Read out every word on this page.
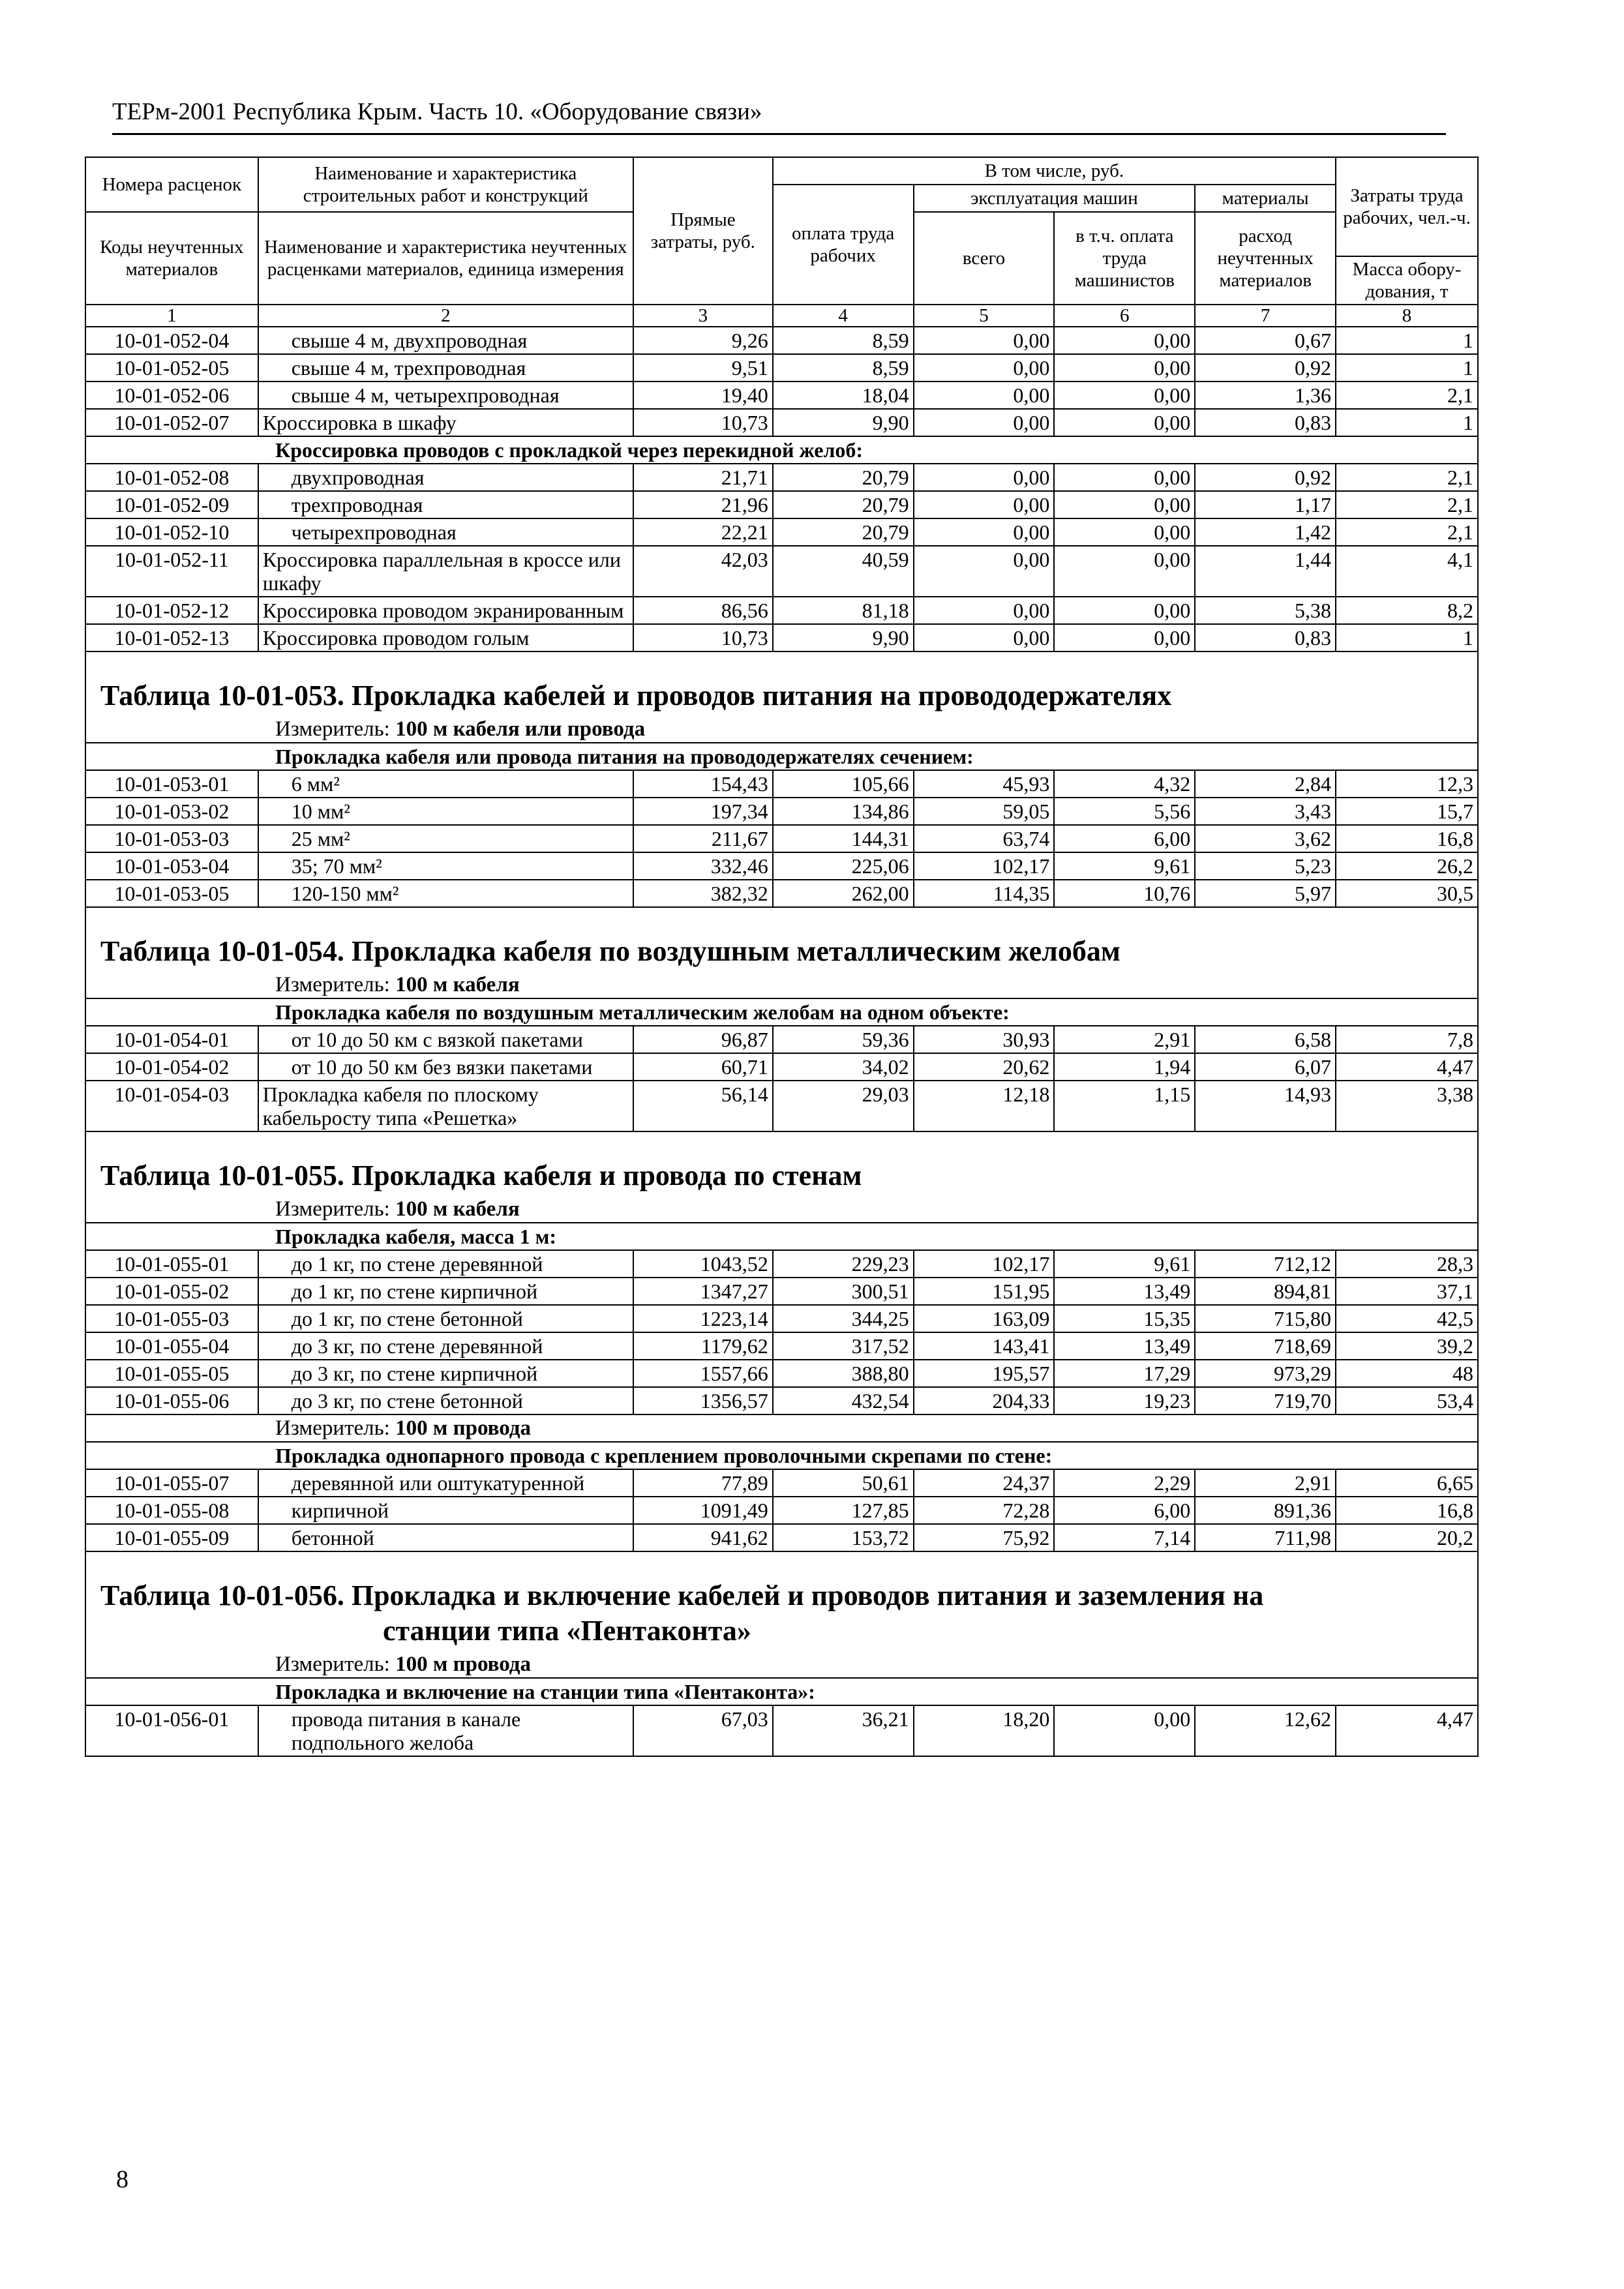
ТЕРм-2001 Республика Крым. Часть 10. «Оборудование связи»
Номера расценок	Наименование и характеристика строительных работ и конструкций	Прямые затраты, руб.	В том числе, руб.				Затраты труда рабочих, чел.-ч.
			оплата труда рабочих	эксплуатация машин		материалы	
Коды неучтенных материалов	Наименование и характеристика неучтенных расценками материалов, единица измерения			всего	в т.ч. оплата труда машинистов	расход неучтенных материалов	
							Масса обору-дования, т
1	2	3	4	5	6	7	8
10-01-052-04	свыше 4 м, двухпроводная	9,26	8,59	0,00	0,00	0,67	1
10-01-052-05	свыше 4 м, трехпроводная	9,51	8,59	0,00	0,00	0,92	1
10-01-052-06	свыше 4 м, четырехпроводная	19,40	18,04	0,00	0,00	1,36	2,1
10-01-052-07	Кроссировка в шкафу	10,73	9,90	0,00	0,00	0,83	1
Кроссировка проводов с прокладкой через перекидной желоб:							
10-01-052-08	двухпроводная	21,71	20,79	0,00	0,00	0,92	2,1
10-01-052-09	трехпроводная	21,96	20,79	0,00	0,00	1,17	2,1
10-01-052-10	четырехпроводная	22,21	20,79	0,00	0,00	1,42	2,1
10-01-052-11	Кроссировка параллельная в кроссе или шкафу	42,03	40,59	0,00	0,00	1,44	4,1
10-01-052-12	Кроссировка проводом экранированным	86,56	81,18	0,00	0,00	5,38	8,2
10-01-052-13	Кроссировка проводом голым	10,73	9,90	0,00	0,00	0,83	1

Таблица 10-01-053. Прокладка кабелей и проводов питания на провододержателях							
Измеритель: 100 м кабеля или провода							
Прокладка кабеля или провода питания на провододержателях сечением:							
10-01-053-01	6 мм²	154,43	105,66	45,93	4,32	2,84	12,3
10-01-053-02	10 мм²	197,34	134,86	59,05	5,56	3,43	15,7
10-01-053-03	25 мм²	211,67	144,31	63,74	6,00	3,62	16,8
10-01-053-04	35; 70 мм²	332,46	225,06	102,17	9,61	5,23	26,2
10-01-053-05	120-150 мм²	382,32	262,00	114,35	10,76	5,97	30,5

Таблица 10-01-054. Прокладка кабеля по воздушным металлическим желобам							
Измеритель: 100 м кабеля							
Прокладка кабеля по воздушным металлическим желобам на одном объекте:							
10-01-054-01	от 10 до 50 км с вязкой пакетами	96,87	59,36	30,93	2,91	6,58	7,8
10-01-054-02	от 10 до 50 км без вязки пакетами	60,71	34,02	20,62	1,94	6,07	4,47
10-01-054-03	Прокладка кабеля по плоскому кабельросту типа «Решетка»	56,14	29,03	12,18	1,15	14,93	3,38

Таблица 10-01-055. Прокладка кабеля и провода по стенам							
Измеритель: 100 м кабеля							
Прокладка кабеля, масса 1 м:							
10-01-055-01	до 1 кг, по стене деревянной	1043,52	229,23	102,17	9,61	712,12	28,3
10-01-055-02	до 1 кг, по стене кирпичной	1347,27	300,51	151,95	13,49	894,81	37,1
10-01-055-03	до 1 кг, по стене бетонной	1223,14	344,25	163,09	15,35	715,80	42,5
10-01-055-04	до 3 кг, по стене деревянной	1179,62	317,52	143,41	13,49	718,69	39,2
10-01-055-05	до 3 кг, по стене кирпичной	1557,66	388,80	195,57	17,29	973,29	48
10-01-055-06	до 3 кг, по стене бетонной	1356,57	432,54	204,33	19,23	719,70	53,4
Измеритель: 100 м провода							
Прокладка однопарного провода с креплением проволочными скрепами по стене:							
10-01-055-07	деревянной или оштукатуренной	77,89	50,61	24,37	2,29	2,91	6,65
10-01-055-08	кирпичной	1091,49	127,85	72,28	6,00	891,36	16,8
10-01-055-09	бетонной	941,62	153,72	75,92	7,14	711,98	20,2

Таблица 10-01-056. Прокладка и включение кабелей и проводов питания и заземления на
станции типа «Пентаконта»							

Измеритель: 100 м провода							
Прокладка и включение на станции типа «Пентаконта»:							
10-01-056-01	провода питания в канале подпольного желоба	67,03	36,21	18,20	0,00	12,62	4,47
8
